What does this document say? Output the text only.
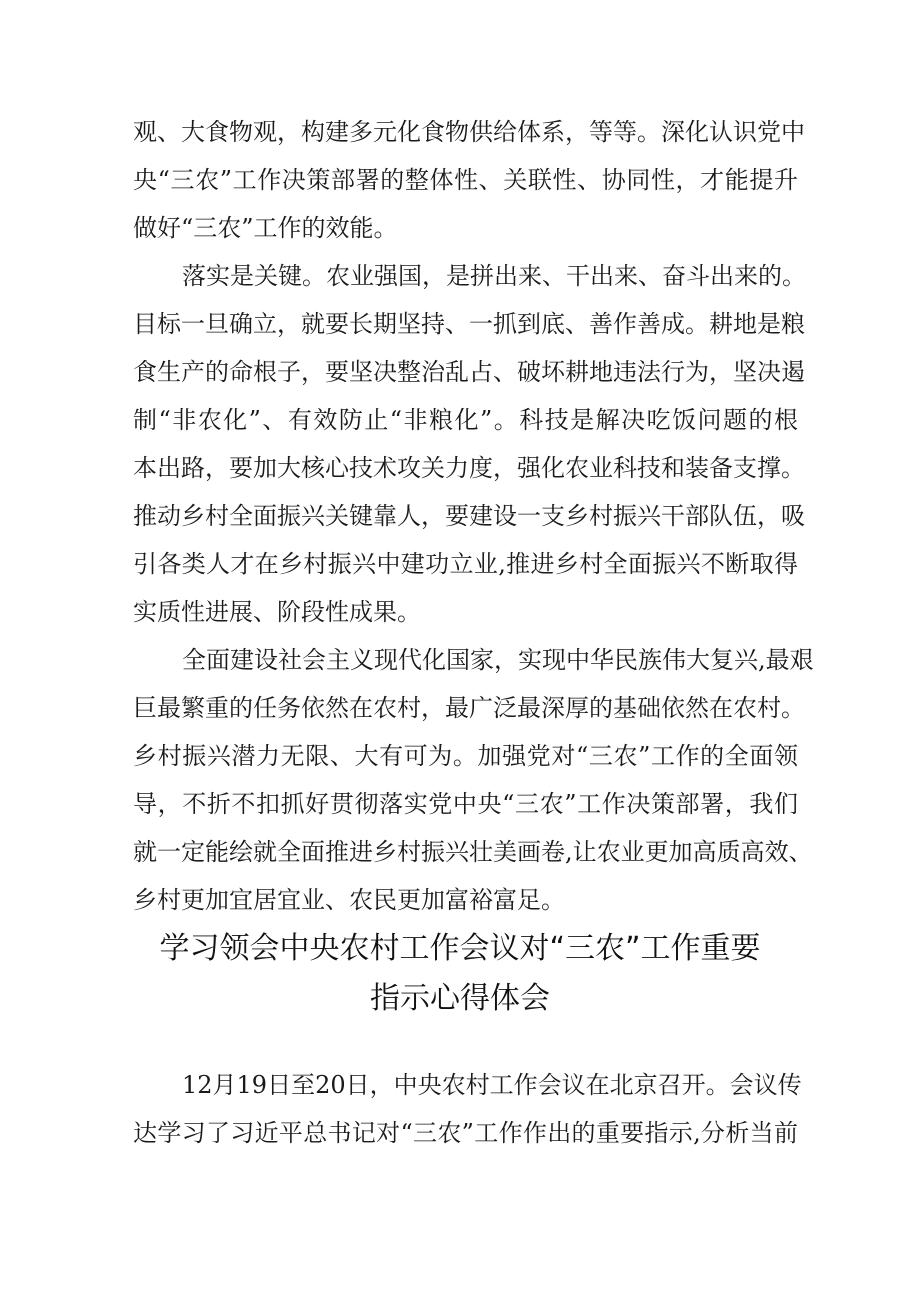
观、大食物观，构建多元化食物供给体系，等等。深化认识党中
央“三农”工作决策部署的整体性、关联性、协同性，才能提升
做好“三农”工作的效能。
落实是关键。农业强国，是拼出来、干出来、奋斗出来的。
目标一旦确立，就要长期坚持、一抓到底、善作善成。耕地是粮
食生产的命根子，要坚决整治乱占、破坏耕地违法行为，坚决遏
制“非农化”、有效防止“非粮化”。科技是解决吃饭问题的根
本出路，要加大核心技术攻关力度，强化农业科技和装备支撑。
推动乡村全面振兴关键靠人，要建设一支乡村振兴干部队伍，吸
引各类人才在乡村振兴中建功立业,推进乡村全面振兴不断取得
实质性进展、阶段性成果。
全面建设社会主义现代化国家，实现中华民族伟大复兴,最艰
巨最繁重的任务依然在农村，最广泛最深厚的基础依然在农村。
乡村振兴潜力无限、大有可为。加强党对“三农”工作的全面领
导，不折不扣抓好贯彻落实党中央“三农”工作决策部署，我们
就一定能绘就全面推进乡村振兴壮美画卷,让农业更加高质高效、
乡村更加宜居宜业、农民更加富裕富足。
学习领会中央农村工作会议对“三农”工作重要
指示心得体会
12月19日至20日，中央农村工作会议在北京召开。会议传
达学习了习近平总书记对“三农”工作作出的重要指示,分析当前
